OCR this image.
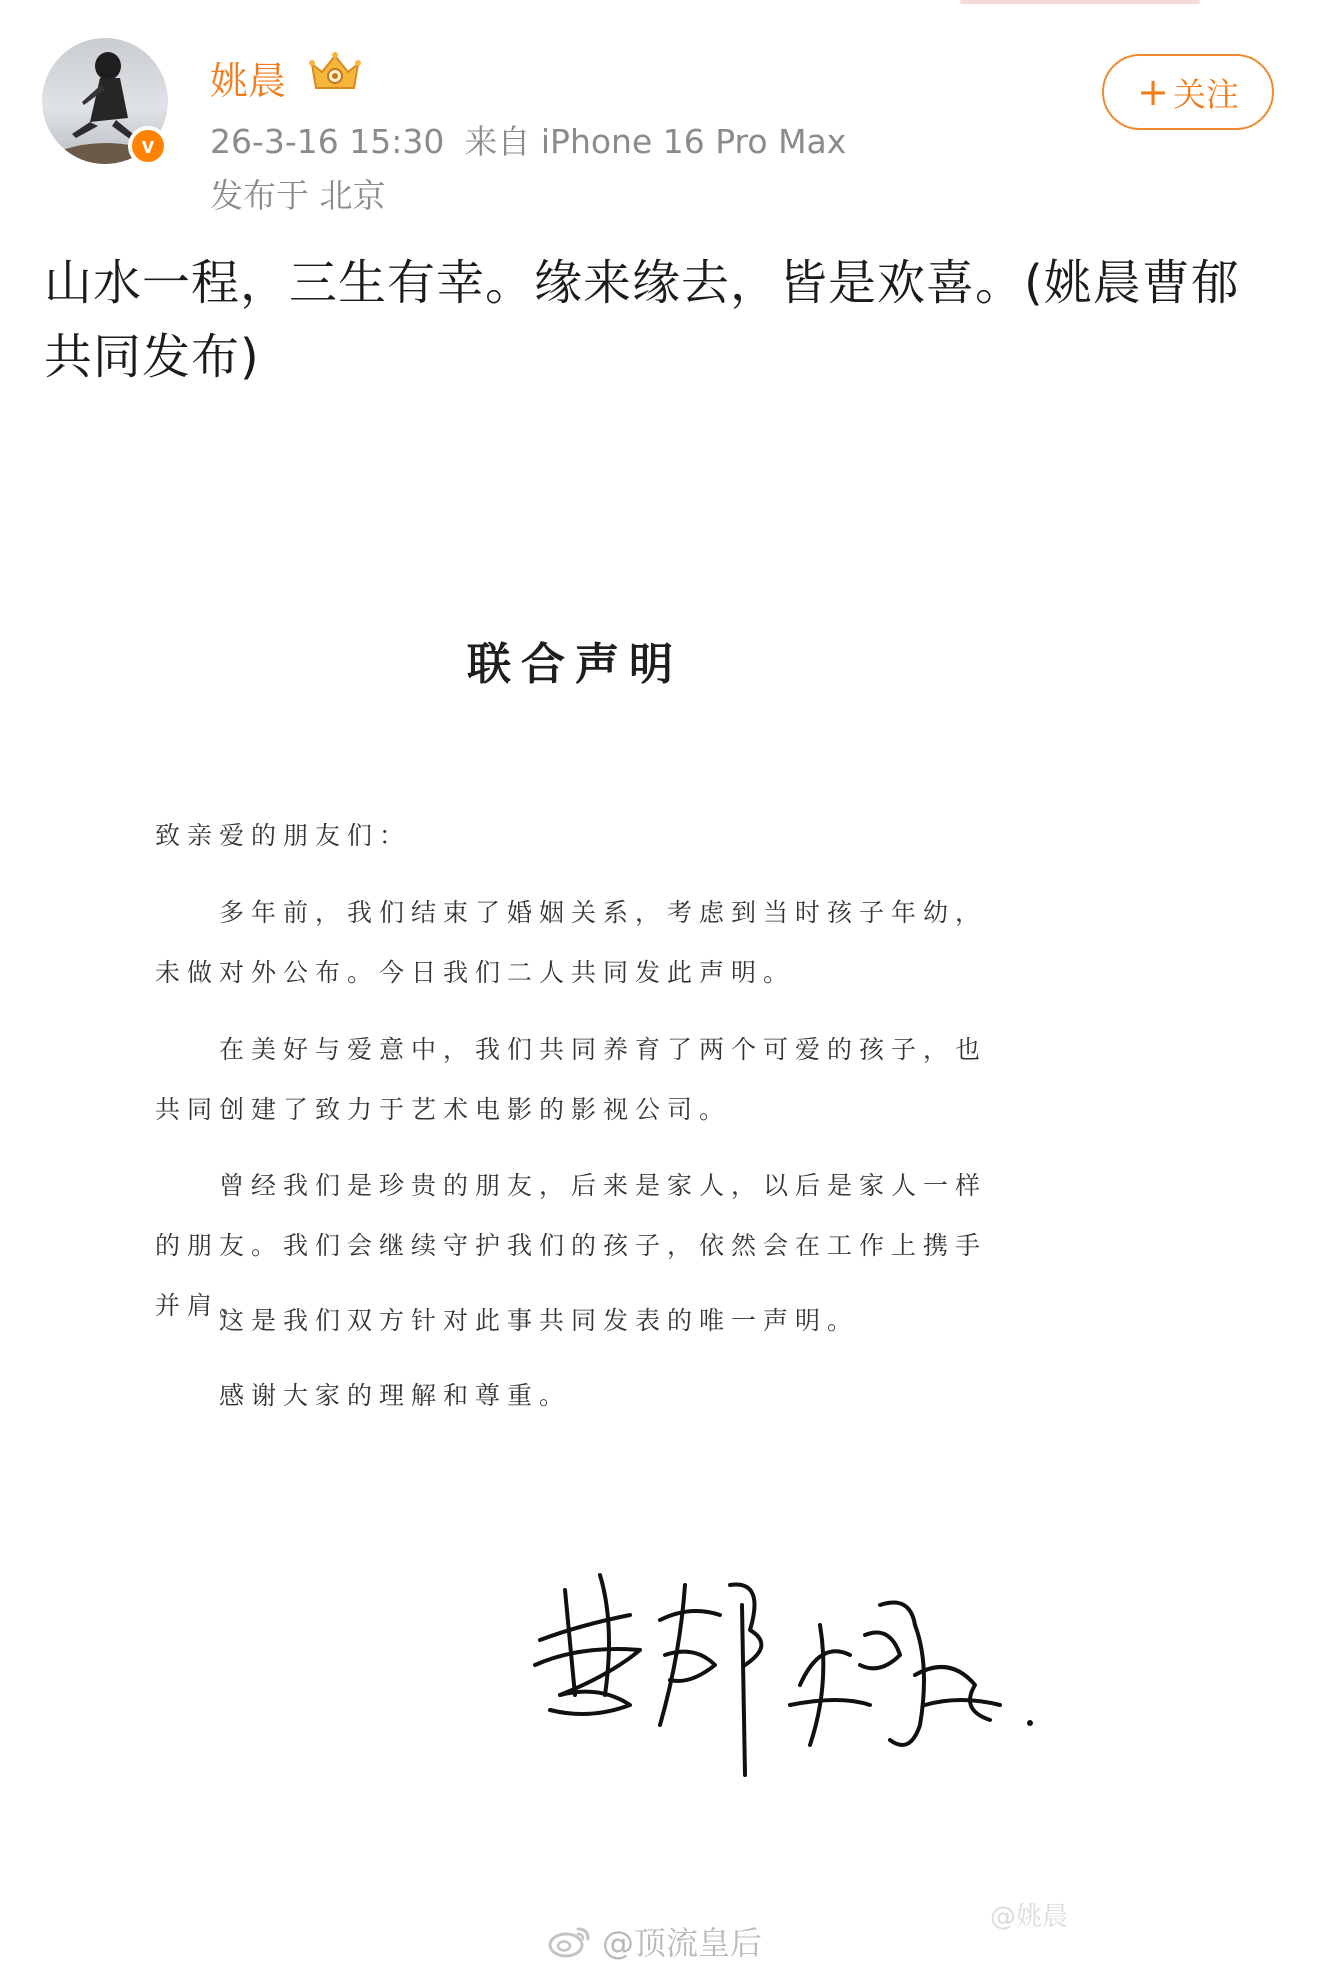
v
姚晨
26-3-16 15:30 来自 iPhone 16 Pro Max
发布于 北京
+ 关注
山水一程，三生有幸。缘来缘去，皆是欢喜。(姚晨曹郁共同发布)
联合声明
致亲爱的朋友们：
多年前，我们结束了婚姻关系，考虑到当时孩子年幼，未做对外公布。今日我们二人共同发此声明。
在美好与爱意中，我们共同养育了两个可爱的孩子，也共同创建了致力于艺术电影的影视公司。
曾经我们是珍贵的朋友，后来是家人，以后是家人一样的朋友。我们会继续守护我们的孩子，依然会在工作上携手并肩。
这是我们双方针对此事共同发表的唯一声明。
感谢大家的理解和尊重。
@姚晨
@顶流皇后
